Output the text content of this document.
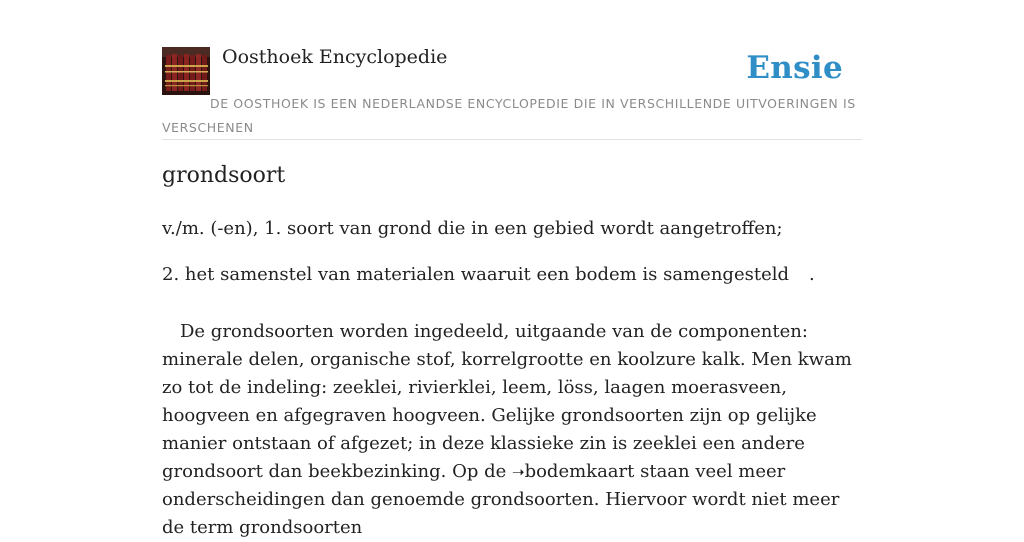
Oosthoek Encyclopedie	Ensie
DE OOSTHOEK IS EEN NEDERLANDSE ENCYCLOPEDIE DIE IN VERSCHILLENDE UITVOERINGEN IS VERSCHENEN
grondsoort

v./m. (-en), 1. soort van grond die in een gebied wordt aangetroffen;

2. het samenstel van materialen waaruit een bodem is samengesteld .

De grondsoorten worden ingedeeld, uitgaande van de componenten: minerale delen, organische stof, korrelgrootte en koolzure kalk. Men kwam zo tot de indeling: zeeklei, rivierklei, leem, löss, laagen moerasveen, hoogveen en afgegraven hoogveen. Gelijke grondsoorten zijn op gelijke manier ontstaan of afgezet; in deze klassieke zin is zeeklei een andere grondsoort dan beekbezinking. Op de ➝bodemkaart staan veel meer onderscheidingen dan genoemde grondsoorten. Hiervoor wordt niet meer de term grondsoorten
